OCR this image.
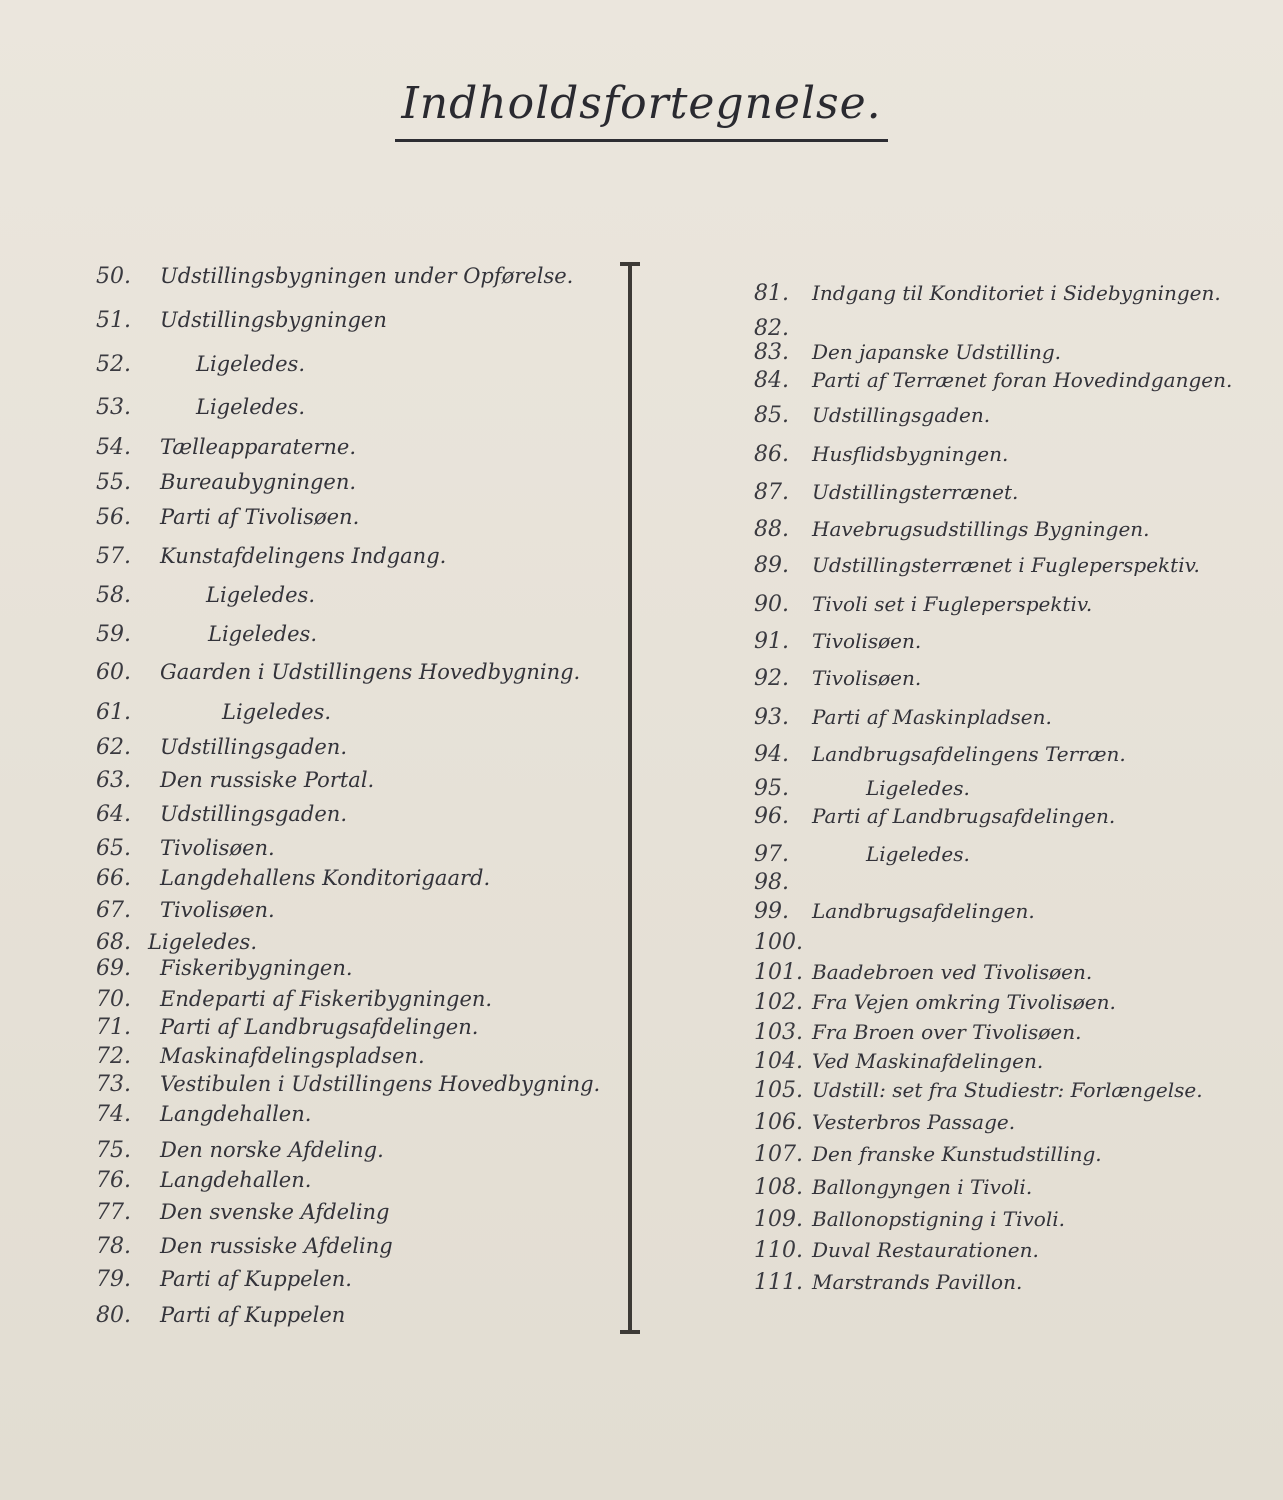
Indholdsfortegnelse.
50. Udstillingsbygningen under Opførelse.
51. Udstillingsbygningen
52.	Ligeledes.
53.	Ligeledes.
54. Tælleapparaterne.
55. Bureaubygningen.
56. Parti af Tivolisøen.
57. Kunstafdelingens Indgang.
58.	Ligeledes.
59.	Ligeledes.
60. Gaarden i Udstillingens Hovedbygning.
61.	Ligeledes.
62. Udstillingsgaden.
63. Den russiske Portal.
64. Udstillingsgaden.
65. Tivolisøen.
66. Langdehallens Konditorigaard.
67. Tivolisøen.
68. Ligeledes.
69. Fiskeribygningen.
70. Endeparti af Fiskeribygningen.
71. Parti af Landbrugsafdelingen.
72. Maskinafdelingspladsen.
73. Vestibulen i Udstillingens Hovedbygning.
74. Langdehallen.
75. Den norske Afdeling.
76. Langdehallen.
77. Den svenske Afdeling
78. Den russiske Afdeling
79. Parti af Kuppelen.
80. Parti af Kuppelen
81. Indgang til Konditoriet i Sidebygningen.
82.
83. Den japanske Udstilling.
84. Parti af Terrænet foran Hovedindgangen.
85. Udstillingsgaden.
86. Husflidsbygningen.
87. Udstillingsterrænet.
88. Havebrugsudstillings Bygningen.
89. Udstillingsterrænet i Fugleperspektiv.
90. Tivoli set i Fugleperspektiv.
91. Tivolisøen.
92. Tivolisøen.
93. Parti af Maskinpladsen.
94. Landbrugsafdelingens Terræn.
95.	Ligeledes.
96. Parti af Landbrugsafdelingen.
97.	Ligeledes.
98.
99. Landbrugsafdelingen.
100.
101. Baadebroen ved Tivolisøen.
102. Fra Vejen omkring Tivolisøen.
103. Fra Broen over Tivolisøen.
104. Ved Maskinafdelingen.
105. Udstill: set fra Studiestr: Forlængelse.
106. Vesterbros Passage.
107. Den franske Kunstudstilling.
108. Ballongyngen i Tivoli.
109. Ballonopstigning i Tivoli.
110. Duval Restaurationen.
111. Marstrands Pavillon.
